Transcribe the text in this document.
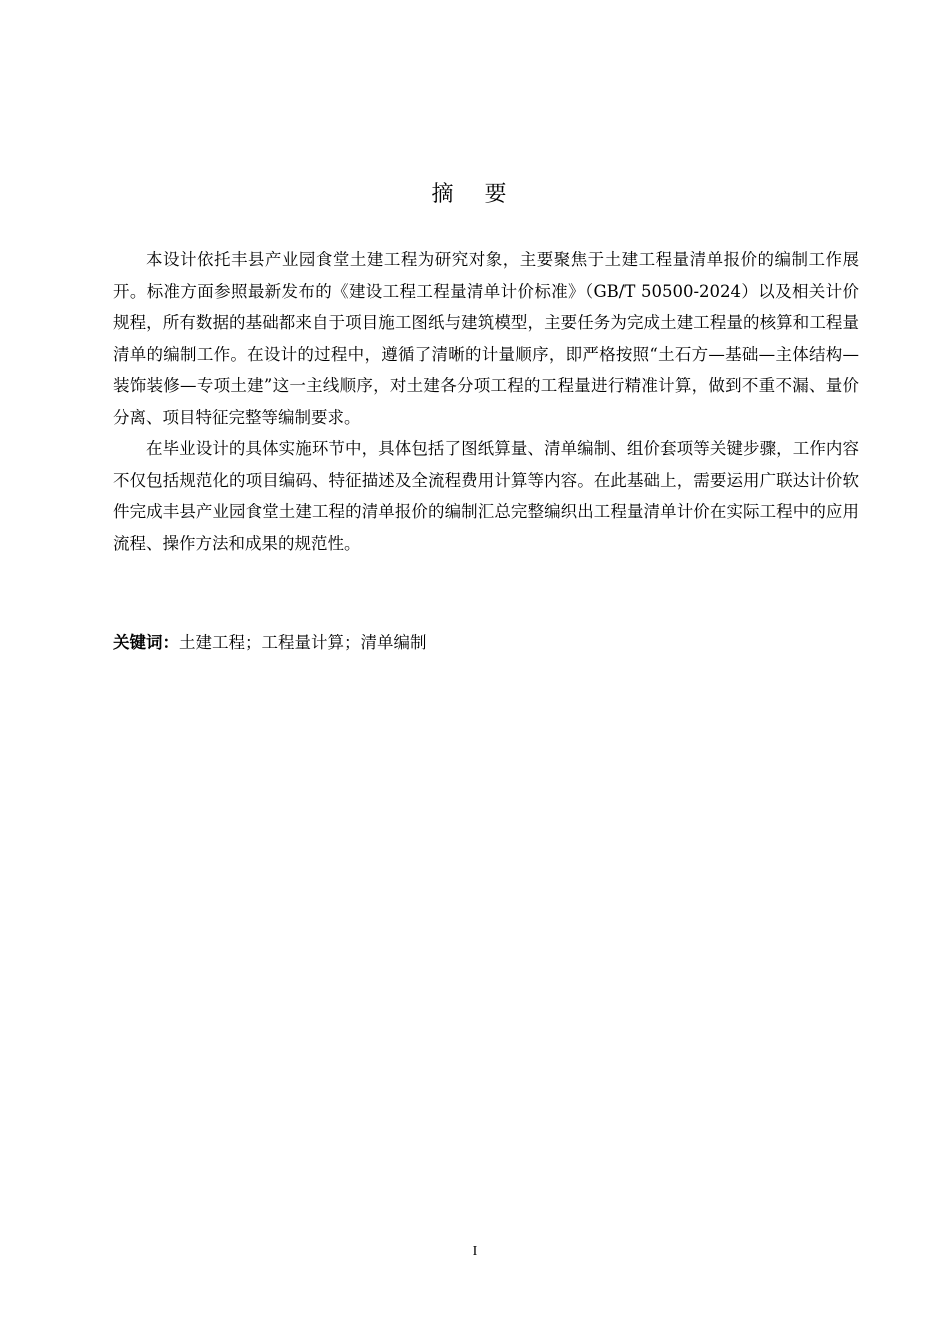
摘 要

本设计依托丰县产业园食堂土建工程为研究对象，主要聚焦于土建工程量清单报价的编制工作展开。标准方面参照最新发布的《建设工程工程量清单计价标准》（GB/T 50500-2024）以及相关计价规程，所有数据的基础都来自于项目施工图纸与建筑模型，主要任务为完成土建工程量的核算和工程量清单的编制工作。在设计的过程中，遵循了清晰的计量顺序，即严格按照“土石方—基础—主体结构—装饰装修—专项土建”这一主线顺序，对土建各分项工程的工程量进行精准计算，做到不重不漏、量价分离、项目特征完整等编制要求。

在毕业设计的具体实施环节中，具体包括了图纸算量、清单编制、组价套项等关键步骤，工作内容不仅包括规范化的项目编码、特征描述及全流程费用计算等内容。在此基础上，需要运用广联达计价软件完成丰县产业园食堂土建工程的清单报价的编制汇总完整编织出工程量清单计价在实际工程中的应用流程、操作方法和成果的规范性。

关键词：土建工程；工程量计算；清单编制

I
